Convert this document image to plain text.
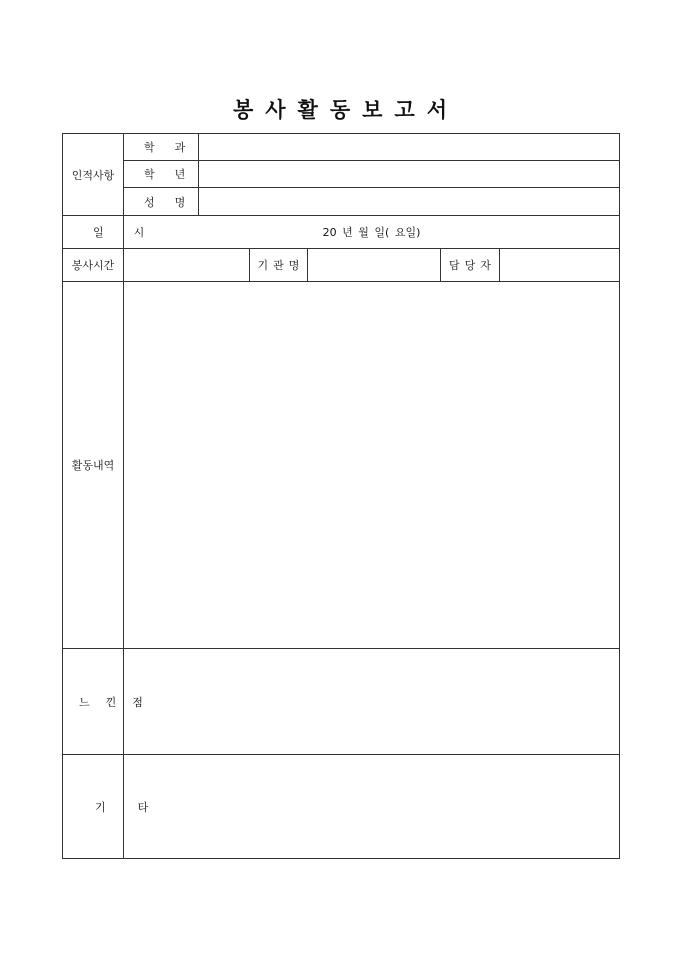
봉사활동보고서
인적사항	학과					
	학년					
	성명					
일시	20 년 월 일( 요일)					
봉사시간			기관명		담당자	
활동내역						
느낀점						
기타						
